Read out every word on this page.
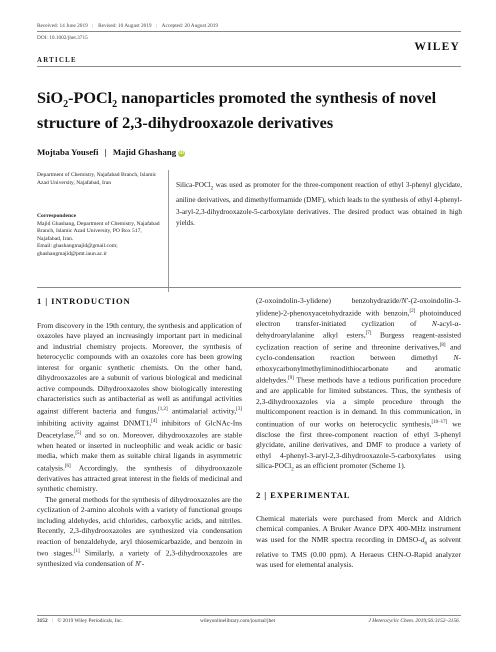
Received: 14 June 2019 | Revised: 10 August 2019 | Accepted: 20 August 2019
DOI: 10.1002/jhet.3715
WILEY
ARTICLE
SiO$_2$-POCl$_2$ nanoparticles promoted the synthesis of novel structure of 2,3-dihydrooxazole derivatives
Mojtaba Yousefi | Majid Ghashang iD
Department of Chemistry, Najafabad Branch, Islamic Azad University, Najafabad, Iran
Correspondence
Majid Ghashang, Department of Chemistry, Najafabad Branch, Islamic Azad University, PO Box 517, Najafabad, Iran.
Email: ghashangmajid@gmail.com; ghashangmajid@pmt.iaun.ac.ir
Silica-POCl$_2$ was used as promoter for the three-component reaction of ethyl 3-phenyl glycidate, aniline derivatives, and dimethylformamide (DMF), which leads to the synthesis of ethyl 4-phenyl-3-aryl-2,3-dihydrooxazole-5-carboxylate derivatives. The desired product was obtained in high yields.
1 | INTRODUCTION

From discovery in the 19th century, the synthesis and application of oxazoles have played an increasingly important part in medicinal and industrial chemistry projects. Moreover, the synthesis of heterocyclic compounds with an oxazoles core has been growing interest for organic synthetic chemists. On the other hand, dihydrooxazoles are a subunit of various biological and medicinal active compounds. Dihydrooxazoles show biologically interesting characteristics such as antibacterial as well as antifungal activities against different bacteria and fungus,[1,2] antimalarial activity,[3] inhibiting activity against DNMT1,[4] inhibitors of GlcNAc-Ins Deacetylase,[5] and so on. Moreover, dihydrooxazoles are stable when heated or inserted in nucleophilic and weak acidic or basic media, which make them as suitable chiral ligands in asymmetric catalysis.[6] Accordingly, the synthesis of dihydrooxazole derivatives has attracted great interest in the fields of medicinal and synthetic chemistry.

The general methods for the synthesis of dihydrooxazoles are the cyclization of 2-amino alcohols with a variety of functional groups including aldehydes, acid chlorides, carboxylic acids, and nitriles. Recently, 2,3-dihydrooxazoles are synthesized via condensation reaction of benzaldehyde, aryl thiosemicarbazide, and benzoin in two stages.[1] Similarly, a variety of 2,3-dihydrooxazoles are synthesized via condensation of N′-

(2-oxoindolin-3-ylidene) benzohydrazide/N′-(2-oxoindolin-3-ylidene)-2-phenoxyacetohydrazide with benzoin,[2] photoinduced electron transfer-initiated cyclization of N-acyl-α-dehydroarylalanine alkyl esters,[7] Burgess reagent-assisted cyclization reaction of serine and threonine derivatives,[8] and cyclo-condensation reaction between dimethyl N-ethoxycarbonylmethyliminodithiocarbonate and aromatic aldehydes.[9] These methods have a tedious purification procedure and are applicable for limited substances. Thus, the synthesis of 2,3-dihydrooxazoles via a simple procedure through the multicomponent reaction is in demand. In this communication, in continuation of our works on heterocyclic synthesis,[10–17] we disclose the first three-component reaction of ethyl 3-phenyl glycidate, aniline derivatives, and DMF to produce a variety of ethyl 4-phenyl-3-aryl-2,3-dihydrooxazole-5-carboxylates using silica-POCl$_2$ as an efficient promoter (Scheme 1).

2 | EXPERIMENTAL

Chemical materials were purchased from Merck and Aldrich chemical companies. A Bruker Avance DPX 400-MHz instrument was used for the NMR spectra recording in DMSO-$d_6$ as solvent relative to TMS (0.00 ppm). A Heraeus CHN-O-Rapid analyzer was used for elemental analysis.

3152 | © 2019 Wiley Periodicals, Inc.	wileyonlinelibrary.com/journal/jhet	J Heterocyclic Chem. 2019;56:3152–3156.
